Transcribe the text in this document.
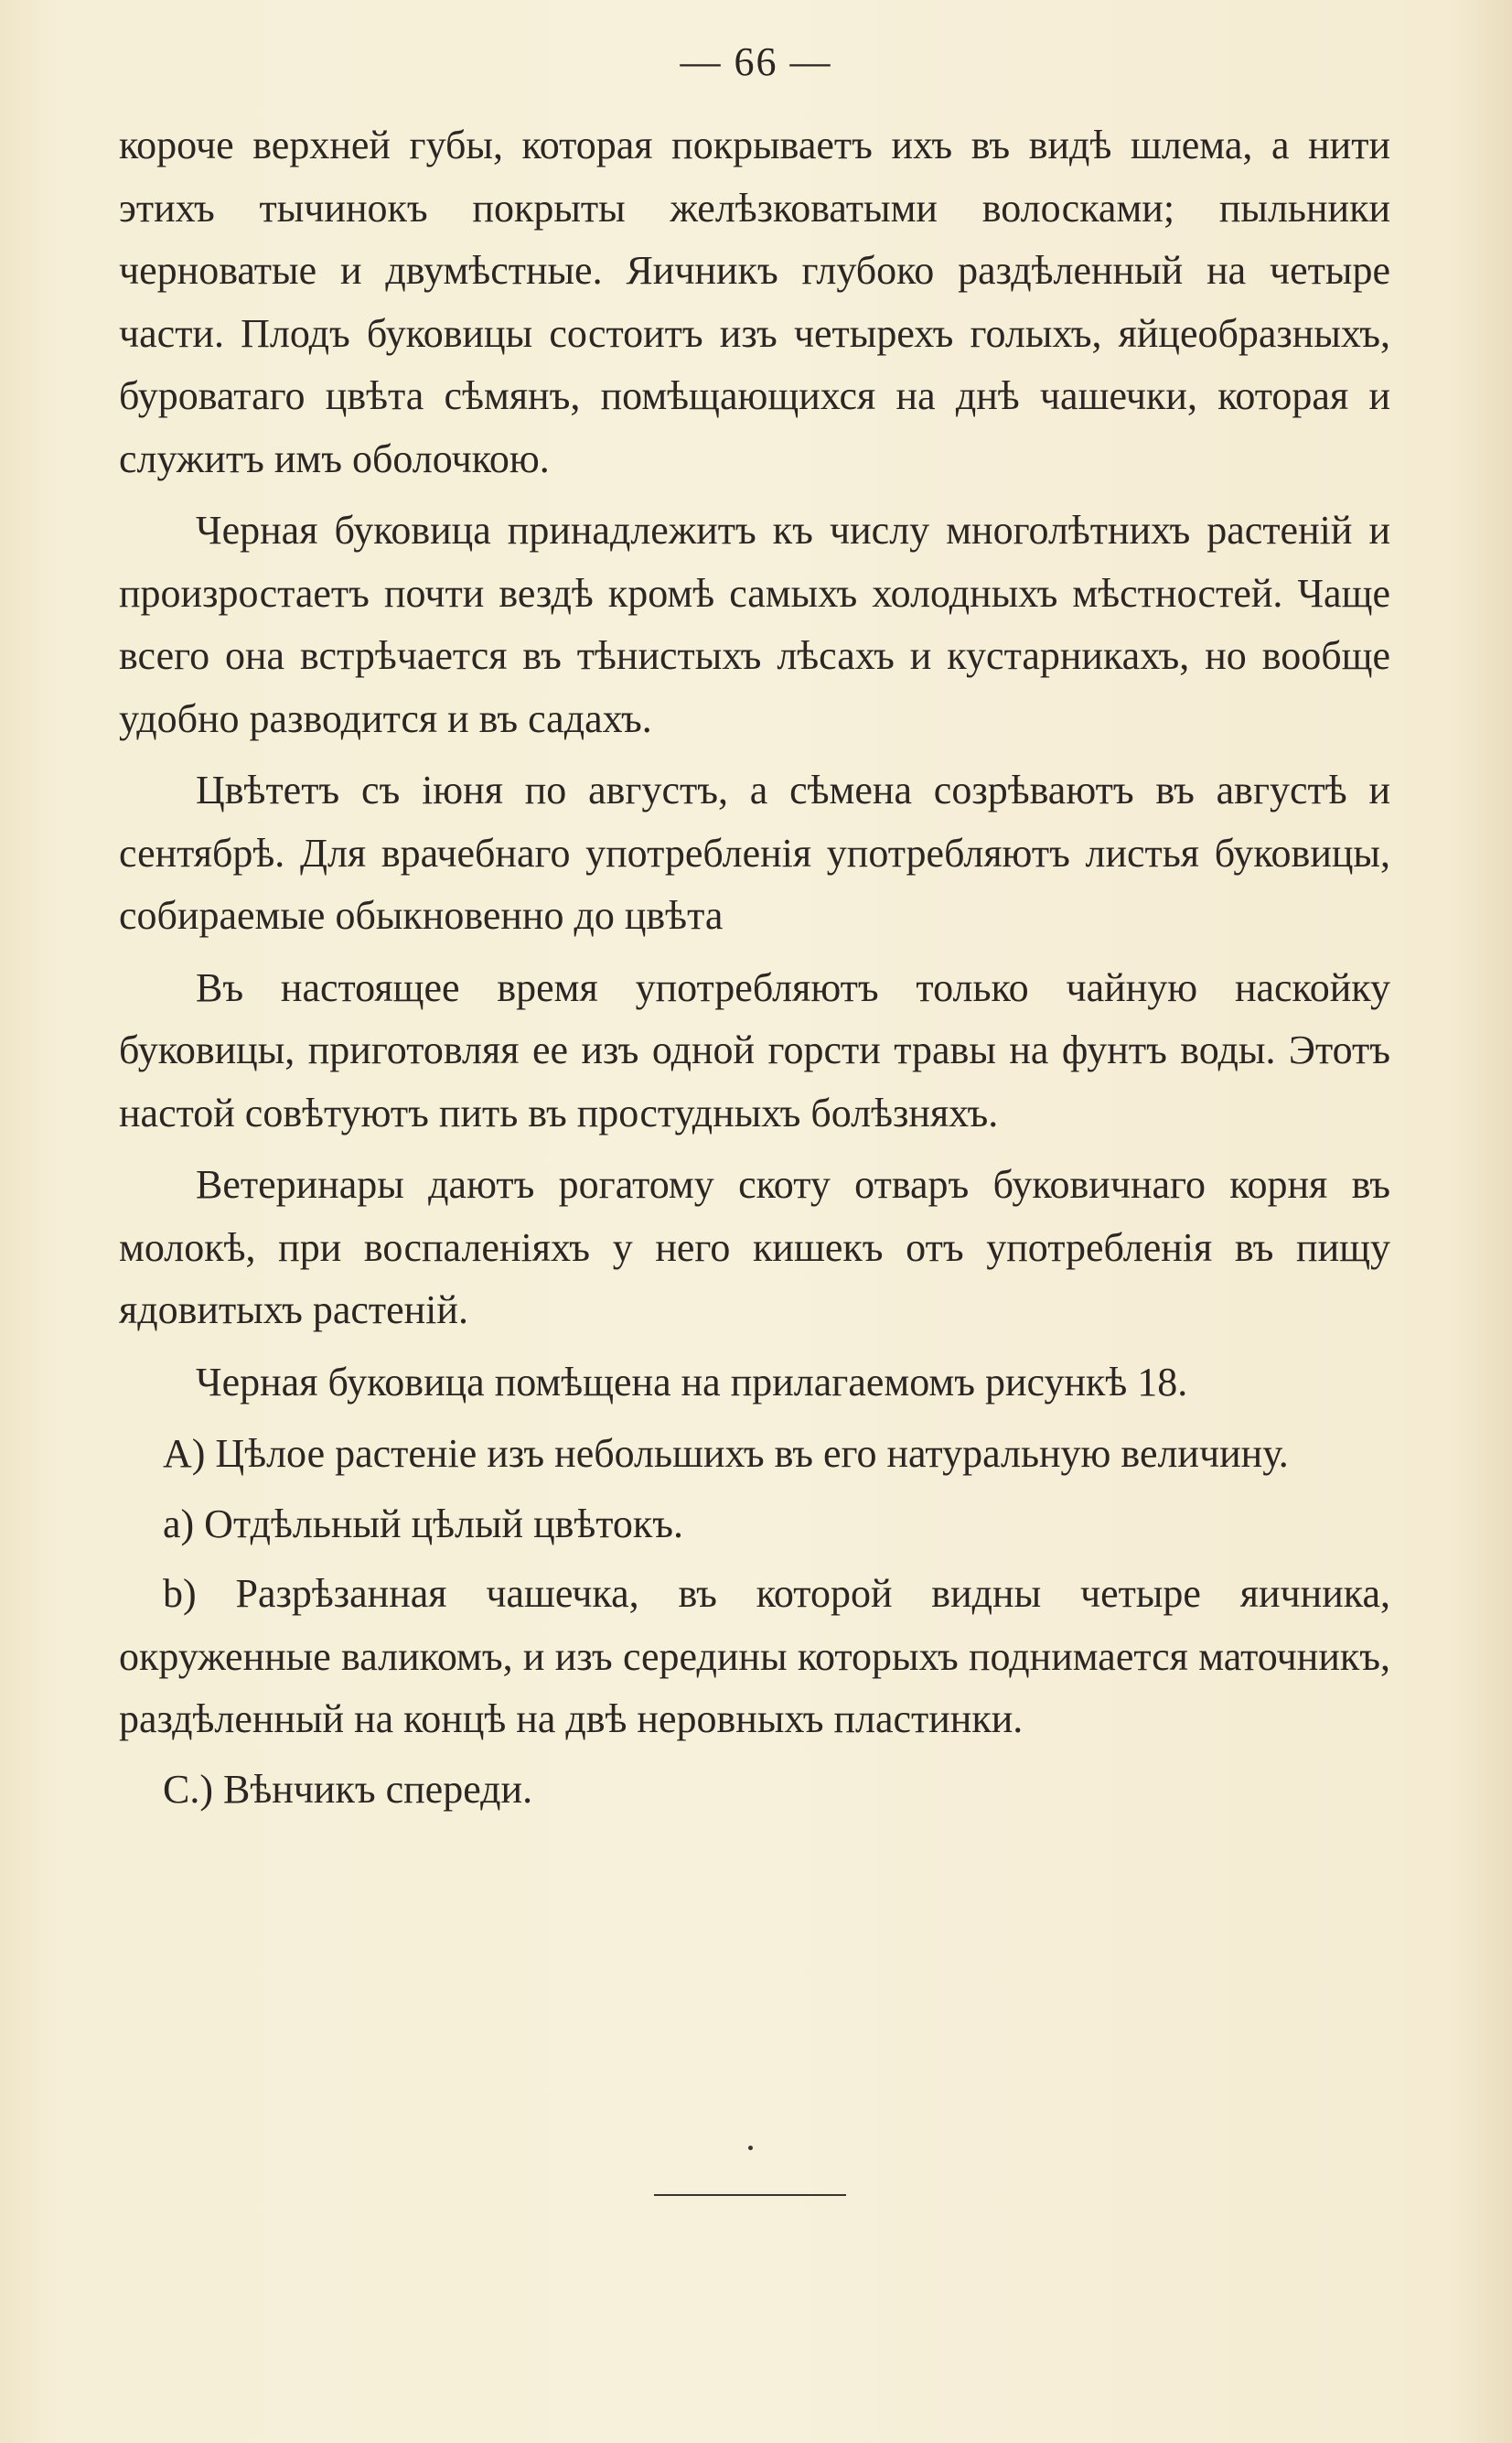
— 66 —

короче верхней губы, которая покрываетъ ихъ въ видѣ шлема, а нити этихъ тычинокъ покрыты желѣзковатыми волосками; пыльники черноватые и двумѣстные. Яичникъ глубоко раздѣленный на четыре части. Плодъ буковицы состоитъ изъ четырехъ голыхъ, яйцеобразныхъ, буроватаго цвѣта сѣмянъ, помѣщающихся на днѣ чашечки, которая и служитъ имъ оболочкою.

Черная буковица принадлежитъ къ числу многолѣтнихъ растенiй и произростаетъ почти вездѣ кромѣ самыхъ холодныхъ мѣстностей. Чаще всего она встрѣчается въ тѣнистыхъ лѣсахъ и кустарникахъ, но вообще удобно разводится и въ садахъ.

Цвѣтетъ съ iюня по августъ, а сѣмена созрѣваютъ въ августѣ и сентябрѣ. Для врачебнаго употребленiя употребляютъ листья буковицы, собираемые обыкновенно до цвѣта

Въ настоящее время употребляютъ только чайную наскойку буковицы, приготовляя ее изъ одной горсти травы на фунтъ воды. Этотъ настой совѣтуютъ пить въ простудныхъ болѣзняхъ.

Ветеринары даютъ рогатому скоту отваръ буковичнаго корня въ молокѣ, при воспаленiяхъ у него кишекъ отъ употребленiя въ пищу ядовитыхъ растенiй.

Черная буковица помѣщена на прилагаемомъ рисункѣ 18.

А) Цѣлое растенiе изъ небольшихъ въ его натуральную величину.

а) Отдѣльный цѣлый цвѣтокъ.

b) Разрѣзанная чашечка, въ которой видны четыре яичника, окруженные валикомъ, и изъ середины которыхъ поднимается маточникъ, раздѣленный на концѣ на двѣ неровныхъ пластинки.

С.) Вѣнчикъ спереди.
